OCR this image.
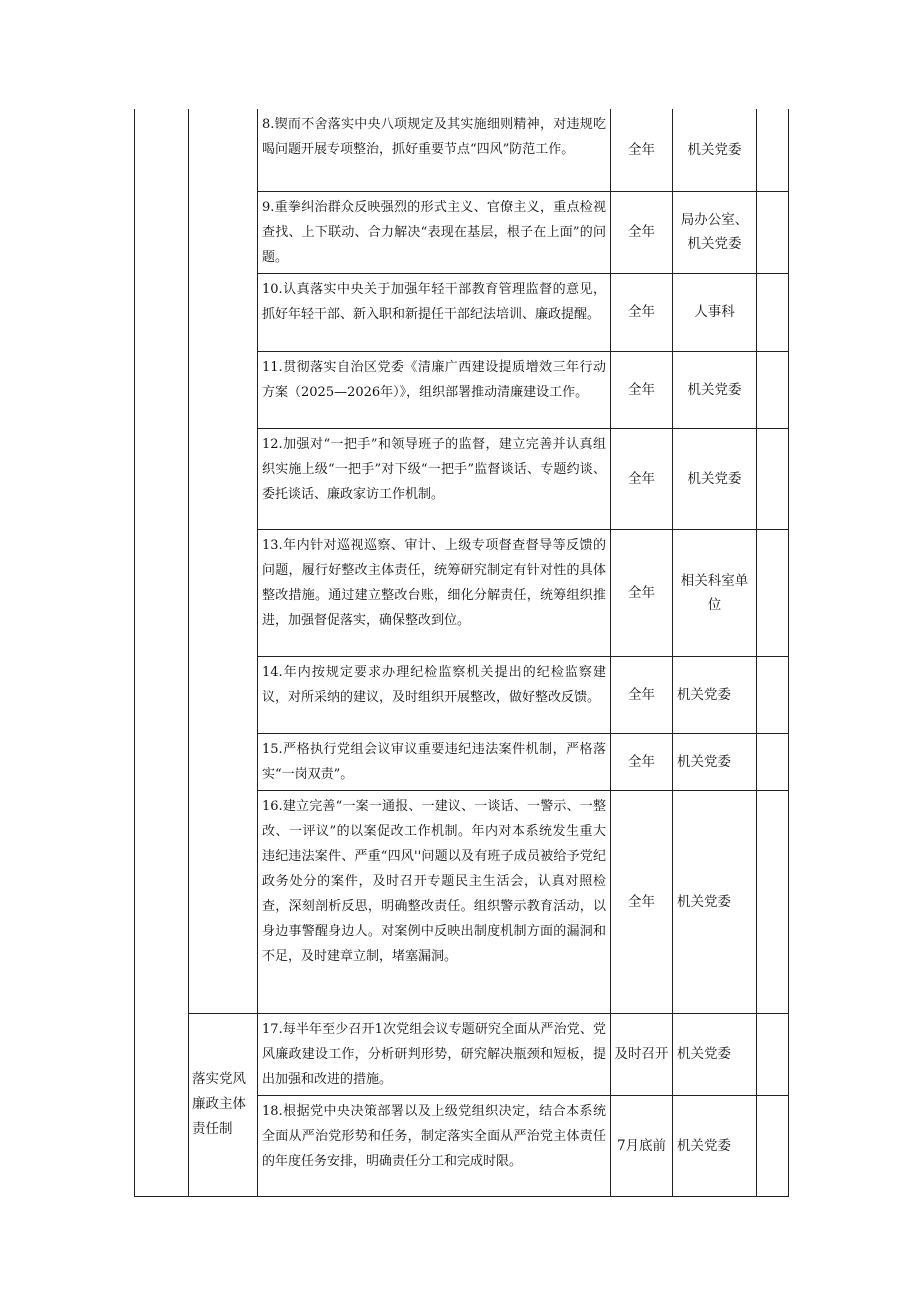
		8.锲而不舍落实中央八项规定及其实施细则精神，对违规吃喝问题开展专项整治，抓好重要节点“四风”防范工作。	全年	机关党委	
		9.重拳纠治群众反映强烈的形式主义、官僚主义，重点检视查找、上下联动、合力解决“表现在基层，根子在上面”的问题。	全年	局办公室、机关党委	
		10.认真落实中央关于加强年轻干部教育管理监督的意见，抓好年轻干部、新入职和新提任干部纪法培训、廉政提醒。	全年	人事科	
		11.贯彻落实自治区党委《清廉广西建设提质增效三年行动方案（2025—2026年）》，组织部署推动清廉建设工作。	全年	机关党委	
		12.加强对“一把手”和领导班子的监督，建立完善并认真组织实施上级“一把手”对下级“一把手”监督谈话、专题约谈、委托谈话、廉政家访工作机制。	全年	机关党委	
		13.年内针对巡视巡察、审计、上级专项督查督导等反馈的问题，履行好整改主体责任，统筹研究制定有针对性的具体整改措施。通过建立整改台账，细化分解责任，统筹组织推进，加强督促落实，确保整改到位。	全年	相关科室单位	
		14.年内按规定要求办理纪检监察机关提出的纪检监察建议，对所采纳的建议，及时组织开展整改，做好整改反馈。	全年	机关党委	
		15.严格执行党组会议审议重要违纪违法案件机制，严格落实“一岗双责”。	全年	机关党委	
		16.建立完善“一案一通报、一建议、一谈话、一警示、一整改、一评议”的以案促改工作机制。年内对本系统发生重大违纪违法案件、严重“四风''问题以及有班子成员被给予党纪政务处分的案件，及时召开专题民主生活会，认真对照检查，深刻剖析反思，明确整改责任。组织警示教育活动，以身边事警醒身边人。对案例中反映出制度机制方面的漏洞和不足，及时建章立制，堵塞漏洞。	全年	机关党委	
	落实党风廉政主体责任制	17.每半年至少召开1次党组会议专题研究全面从严治党、党风廉政建设工作，分析研判形势，研究解决瓶颈和短板，提出加强和改进的措施。	及时召开	机关党委	
		18.根据党中央决策部署以及上级党组织决定，结合本系统全面从严治党形势和任务，制定落实全面从严治党主体责任的年度任务安排，明确责任分工和完成时限。	7月底前	机关党委	
